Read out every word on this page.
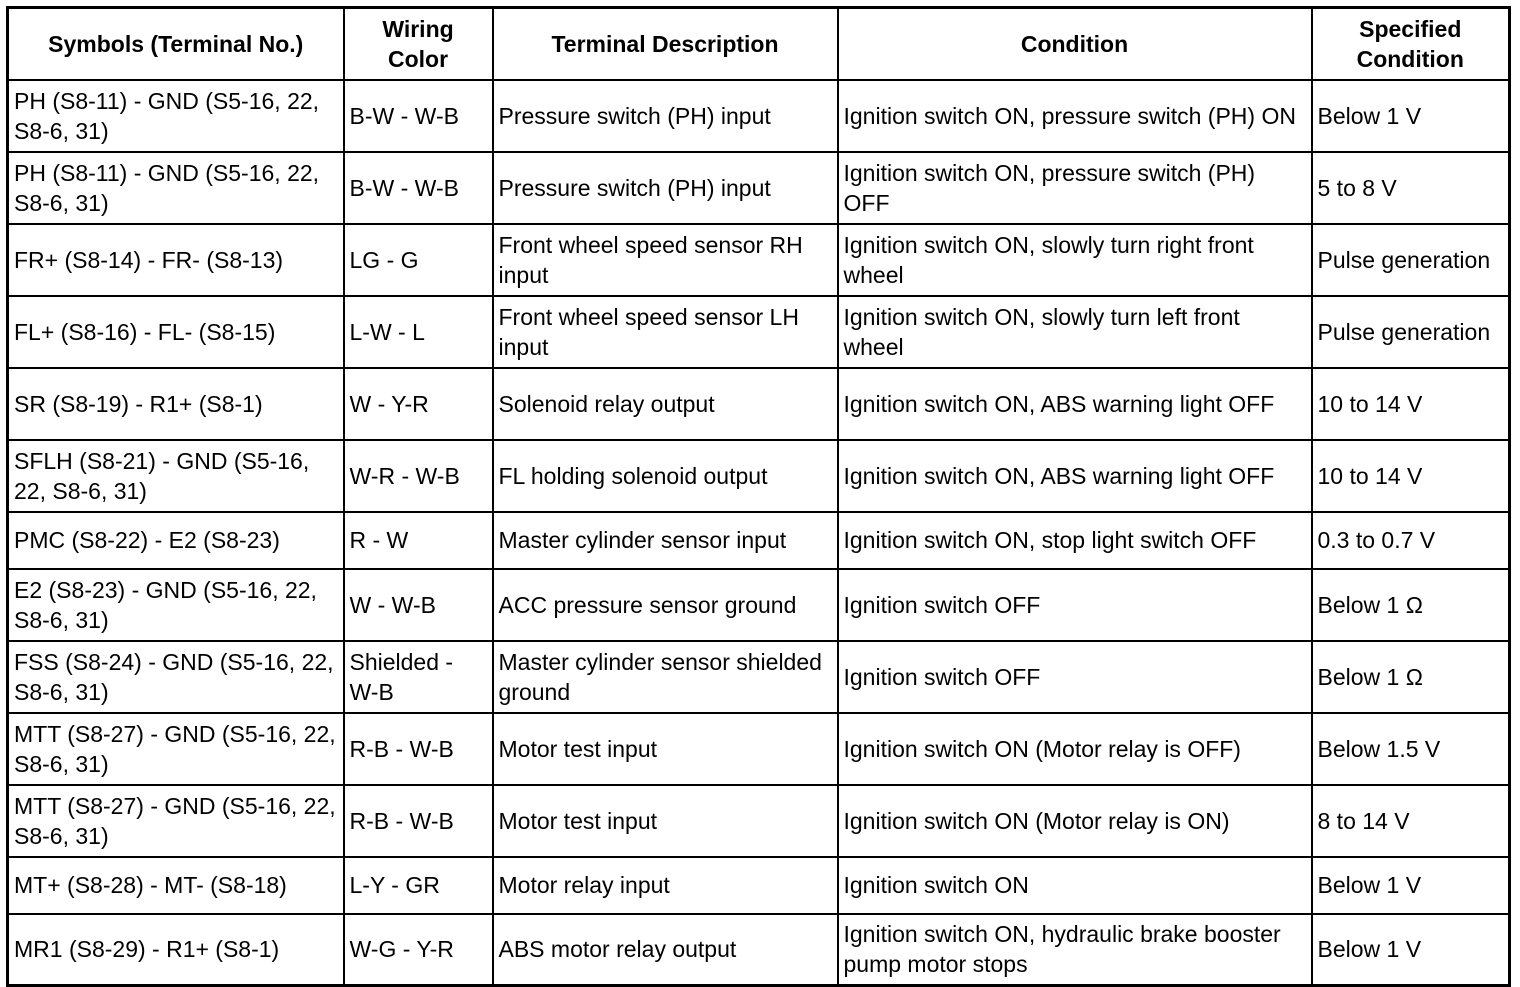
Symbols (Terminal No.)	Wiring Color	Terminal Description	Condition	Specified Condition
PH (S8-11) - GND (S5-16, 22, S8-6, 31)	B-W - W-B	Pressure switch (PH) input	Ignition switch ON, pressure switch (PH) ON	Below 1 V
PH (S8-11) - GND (S5-16, 22, S8-6, 31)	B-W - W-B	Pressure switch (PH) input	Ignition switch ON, pressure switch (PH) OFF	5 to 8 V
FR+ (S8-14) - FR- (S8-13)	LG - G	Front wheel speed sensor RH input	Ignition switch ON, slowly turn right front wheel	Pulse generation
FL+ (S8-16) - FL- (S8-15)	L-W - L	Front wheel speed sensor LH input	Ignition switch ON, slowly turn left front wheel	Pulse generation
SR (S8-19) - R1+ (S8-1)	W - Y-R	Solenoid relay output	Ignition switch ON, ABS warning light OFF	10 to 14 V
SFLH (S8-21) - GND (S5-16, 22, S8-6, 31)	W-R - W-B	FL holding solenoid output	Ignition switch ON, ABS warning light OFF	10 to 14 V
PMC (S8-22) - E2 (S8-23)	R - W	Master cylinder sensor input	Ignition switch ON, stop light switch OFF	0.3 to 0.7 V
E2 (S8-23) - GND (S5-16, 22, S8-6, 31)	W - W-B	ACC pressure sensor ground	Ignition switch OFF	Below 1 Ω
FSS (S8-24) - GND (S5-16, 22, S8-6, 31)	Shielded - W-B	Master cylinder sensor shielded ground	Ignition switch OFF	Below 1 Ω
MTT (S8-27) - GND (S5-16, 22, S8-6, 31)	R-B - W-B	Motor test input	Ignition switch ON (Motor relay is OFF)	Below 1.5 V
MTT (S8-27) - GND (S5-16, 22, S8-6, 31)	R-B - W-B	Motor test input	Ignition switch ON (Motor relay is ON)	8 to 14 V
MT+ (S8-28) - MT- (S8-18)	L-Y - GR	Motor relay input	Ignition switch ON	Below 1 V
MR1 (S8-29) - R1+ (S8-1)	W-G - Y-R	ABS motor relay output	Ignition switch ON, hydraulic brake booster pump motor stops	Below 1 V
